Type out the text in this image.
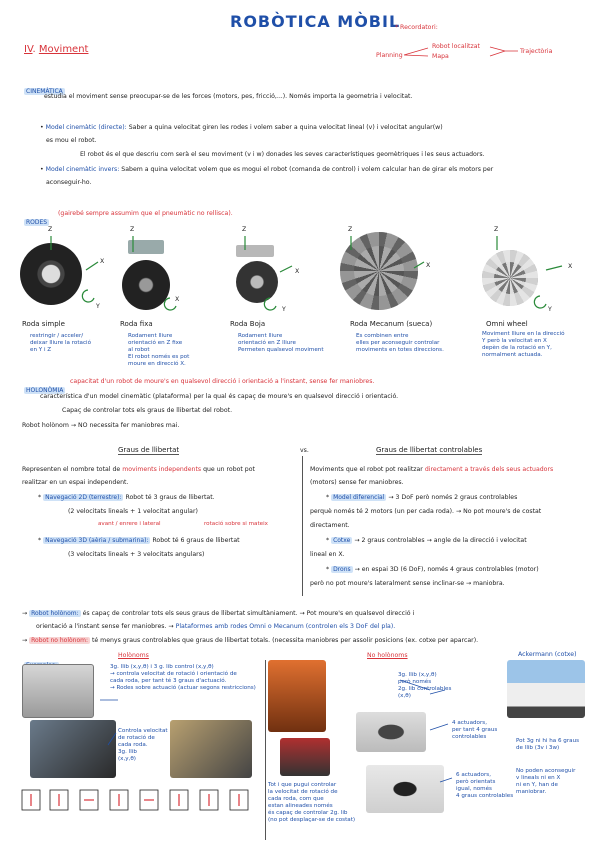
ROBÒTICA MÒBIL
IV. Moviment
* Recordatori:
Planning
Robot localitzat
Mapa
Trajectòria
CINEMÀTICA
estudia el moviment sense preocupar-se de les forces (motors, pes, fricció,...). Només importa la geometria i velocitat.
• Model cinemàtic (directe): Saber a quina velocitat giren les rodes i volem saber a quina velocitat lineal (v) i velocitat angular(w)
es mou el robot.
El robot és el que descriu com serà el seu moviment (v i w) donades les seves característiques geomètriques i les seus actuadors.
• Model cinemàtic invers: Sabem a quina velocitat volem que es mogui el robot (comanda de control) i volem calcular han de girar els motors per
aconseguir-ho.
RODES
(gairebé sempre assumim que el pneumàtic no rellisca).
Z
X
Y
Roda simple
restringir / acceler/
deixar lliure la rotació
en Y i Z
Z
X
Roda fixa
Rodament lliure
orientació en Z fixe
al robot
El robot només es pot
moure en direcció X.
Z
X
Y
Roda Boja
Rodament lliure
orientació en Z lliure
Permeten qualsevol moviment
Z
X
Roda Mecanum (sueca)
Es combinen entre
elles per aconseguir controlar
moviments en totes direccions.
Z
X
Y
Omni wheel
Moviment lliure en la direcció
Y però la velocitat en X
depèn de la rotació en Y,
normalment actuada.
HOLONÒMIA
capacitat d'un robot de moure's en qualsevol direcció i orientació a l'instant, sense fer maniobres.
característica d'un model cinemàtic (plataforma) per la qual és capaç de moure's en qualsevol direcció i orientació.
Capaç de controlar tots els graus de llibertat del robot.
Robot holònom → NO necessita fer maniobres mai.
Graus de llibertat	vs.	Graus de llibertat controlables
Representen el nombre total de moviments independents que un robot pot
realitzar en un espai independent.
* Navegació 2D (terrestre): Robot té 3 graus de llibertat.
(2 velocitats lineals + 1 velocitat angular)
avant / enrere i lateral	rotació sobre si mateix
* Navegació 3D (aèria / submarina): Robot té 6 graus de llibertat
(3 velocitats lineals + 3 velocitats angulars)
Moviments que el robot pot realitzar directament a través dels seus actuadors
(motors) sense fer maniobres.
* Model diferencial → 3 DoF però només 2 graus controlables
perquè només té 2 motors (un per cada roda). → No pot moure's de costat
directament.
* Cotxe → 2 graus controlables → angle de la direcció i velocitat
lineal en X.
* Drons → en espai 3D (6 DoF), només 4 graus controlables (motor)
però no pot moure's lateralment sense inclinar-se → maniobra.
→ Robot holònom: és capaç de controlar tots els seus graus de llibertat simultàniament. → Pot moure's en qualsevol direcció i
orientació a l'instant sense fer maniobres. → Plataformes amb rodes Omni o Mecanum (controlen els 3 DoF del pla).
→ Robot no holònom: té menys graus controlables que graus de llibertat totals. (necessita maniobres per assolir posicions (ex. cotxe per aparcar).
Holònoms	No holònoms	Ackermann (cotxe)
3g. llib (x,y,θ) i 3 g. lib control (x,y,θ)
→ controla velocitat de rotació i orientació de
cada roda, per tant té 3 graus d'actuació.
→ Rodes sobre actuació (actuar segons restriccions)
Controla velocitat
de rotació de
cada roda.
3g. llib
(x,y,θ)
3g. llib (x,y,θ)
però només
2g. lib controlables
(x,θ)
4 actuadors,
per tant 4 graus
controlables
Tot i que pugui controlar
la velocitat de rotació de
cada roda, com que
estan alineades només
és capaç de controlar 2g. lib
(no pot desplaçar-se de costat)
6 actuadors,
però orientats
igual, només
4 graus controlables
Pot 3g ni hi ha 6 graus
de llib (3v i 3w)
No poden aconseguir
v lineals ni en X
ni en Y, han de
maniobrar.
